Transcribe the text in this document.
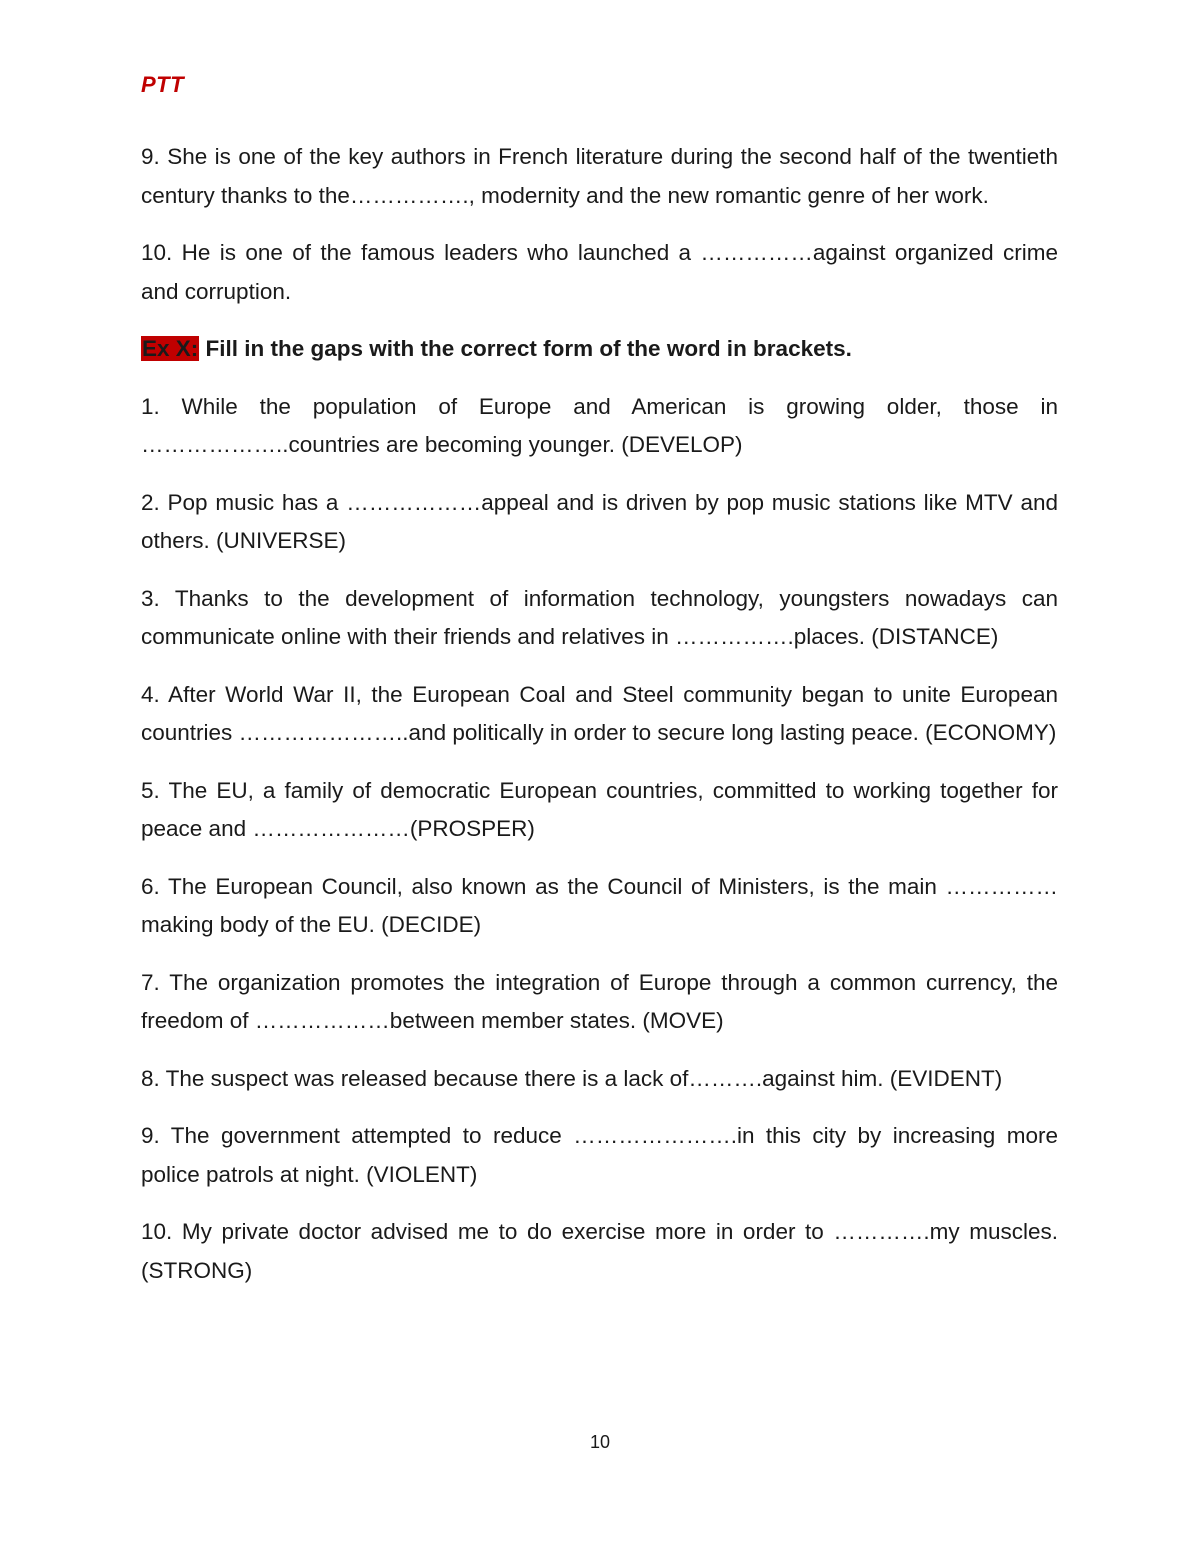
PTT

9. She is one of the key authors in French literature during the second half of the twentieth century thanks to the……………., modernity and the new romantic genre of her work.

10. He is one of the famous leaders who launched a ……………against organized crime and corruption.

Ex X: Fill in the gaps with the correct form of the word in brackets.

1. While the population of Europe and American is growing older, those in ………………..countries are becoming younger. (DEVELOP)

2. Pop music has a ………………appeal and is driven by pop music stations like MTV and others. (UNIVERSE)

3. Thanks to the development of information technology, youngsters nowadays can communicate online with their friends and relatives in …………….places. (DISTANCE)

4. After World War II, the European Coal and Steel community began to unite European countries …………………..and politically in order to secure long lasting peace. (ECONOMY)

5. The EU, a family of democratic European countries, committed to working together for peace and …………………(PROSPER)

6. The European Council, also known as the Council of Ministers, is the main ……………making body of the EU. (DECIDE)

7. The organization promotes the integration of Europe through a common currency, the freedom of ………………between member states. (MOVE)

8. The suspect was released because there is a lack of……….against him. (EVIDENT)

9. The government attempted to reduce ………………….in this city by increasing more police patrols at night. (VIOLENT)

10. My private doctor advised me to do exercise more in order to ………….my muscles. (STRONG)

10
